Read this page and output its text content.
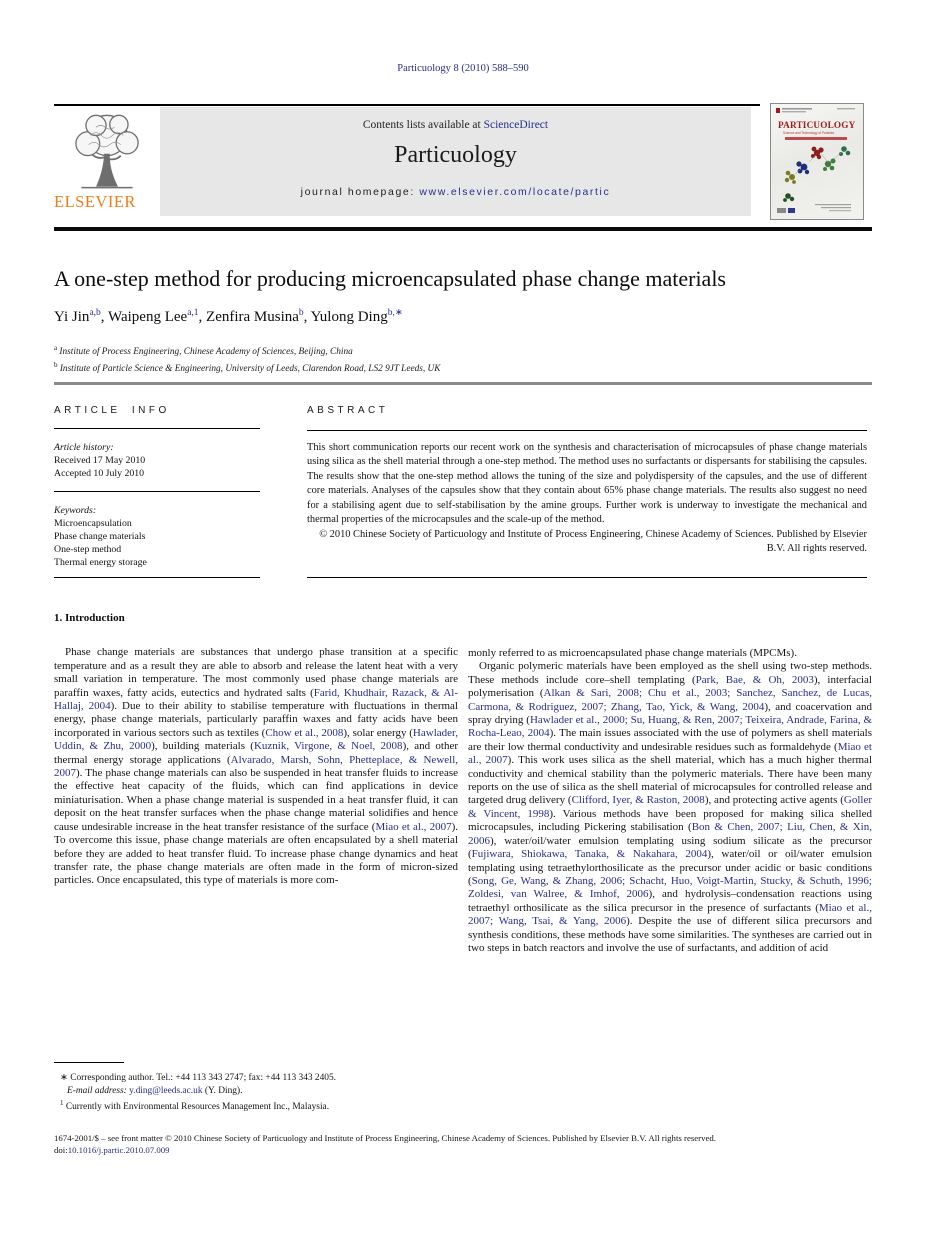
Particuology 8 (2010) 588–590
ELSEVIER
Contents lists available at ScienceDirect
Particuology
journal homepage: www.elsevier.com/locate/partic
PARTICUOLOGY
Science and Technology of Particles
A one-step method for producing microencapsulated phase change materials
Yi Jin$^{a,b}$, Waipeng Lee$^{a,1}$, Zenfira Musina$^b$, Yulong Ding$^{b,∗}$
$^a$ Institute of Process Engineering, Chinese Academy of Sciences, Beijing, China
$^b$ Institute of Particle Science & Engineering, University of Leeds, Clarendon Road, LS2 9JT Leeds, UK
ARTICLE INFO
Article history:
Received 17 May 2010
Accepted 10 July 2010
Keywords:
Microencapsulation
Phase change materials
One-step method
Thermal energy storage
ABSTRACT
This short communication reports our recent work on the synthesis and characterisation of microcapsules of phase change materials using silica as the shell material through a one-step method. The method uses no surfactants or dispersants for stabilising the capsules. The results show that the one-step method allows the tuning of the size and polydispersity of the capsules, and the use of different core materials. Analyses of the capsules show that they contain about 65% phase change materials. The results also suggest no need for a stabilising agent due to self-stabilisation by the amine groups. Further work is underway to investigate the mechanical and thermal properties of the microcapsules and the scale-up of the method.
© 2010 Chinese Society of Particuology and Institute of Process Engineering, Chinese Academy of Sciences. Published by Elsevier B.V. All rights reserved.
1. Introduction

Phase change materials are substances that undergo phase transition at a specific temperature and as a result they are able to absorb and release the latent heat with a very small variation in temperature. The most commonly used phase change materials are paraffin waxes, fatty acids, eutectics and hydrated salts (Farid, Khudhair, Razack, & Al-Hallaj, 2004). Due to their ability to stabilise temperature with fluctuations in thermal energy, phase change materials, particularly paraffin waxes and fatty acids have been incorporated in various sectors such as textiles (Chow et al., 2008), solar energy (Hawlader, Uddin, & Zhu, 2000), building materials (Kuznik, Virgone, & Noel, 2008), and other thermal energy storage applications (Alvarado, Marsh, Sohn, Phetteplace, & Newell, 2007). The phase change materials can also be suspended in heat transfer fluids to increase the effective heat capacity of the fluids, which can find applications in device miniaturisation. When a phase change material is suspended in a heat transfer fluid, it can deposit on the heat transfer surfaces when the phase change material solidifies and hence cause undesirable increase in the heat transfer resistance of the surface (Miao et al., 2007). To overcome this issue, phase change materials are often encapsulated by a shell material before they are added to heat transfer fluid. To increase phase change dynamics and heat transfer rate, the phase change materials are often made in the form of micron-sized particles. Once encapsulated, this type of materials is more com-

monly referred to as microencapsulated phase change materials (MPCMs).

Organic polymeric materials have been employed as the shell using two-step methods. These methods include core–shell templating (Park, Bae, & Oh, 2003), interfacial polymerisation (Alkan & Sari, 2008; Chu et al., 2003; Sanchez, Sanchez, de Lucas, Carmona, & Rodriguez, 2007; Zhang, Tao, Yick, & Wang, 2004), and coacervation and spray drying (Hawlader et al., 2000; Su, Huang, & Ren, 2007; Teixeira, Andrade, Farina, & Rocha-Leao, 2004). The main issues associated with the use of polymers as shell materials are their low thermal conductivity and undesirable residues such as formaldehyde (Miao et al., 2007). This work uses silica as the shell material, which has a much higher thermal conductivity and chemical stability than the polymeric materials. There have been many reports on the use of silica as the shell material of microcapsules for controlled release and targeted drug delivery (Clifford, Iyer, & Raston, 2008), and protecting active agents (Goller & Vincent, 1998). Various methods have been proposed for making silica shelled microcapsules, including Pickering stabilisation (Bon & Chen, 2007; Liu, Chen, & Xin, 2006), water/oil/water emulsion templating using sodium silicate as the precursor (Fujiwara, Shiokawa, Tanaka, & Nakahara, 2004), water/oil or oil/water emulsion templating using tetraethylorthosilicate as the precursor under acidic or basic conditions (Song, Ge, Wang, & Zhang, 2006; Schacht, Huo, Voigt-Martin, Stucky, & Schuth, 1996; Zoldesi, van Walree, & Imhof, 2006), and hydrolysis–condensation reactions using tetraethyl orthosilicate as the silica precursor in the presence of surfactants (Miao et al., 2007; Wang, Tsai, & Yang, 2006). Despite the use of different silica precursors and synthesis conditions, these methods have some similarities. The syntheses are carried out in two steps in batch reactors and involve the use of surfactants, and addition of acid

∗ Corresponding author. Tel.: +44 113 343 2747; fax: +44 113 343 2405.
E-mail address: y.ding@leeds.ac.uk (Y. Ding).
$^1$ Currently with Environmental Resources Management Inc., Malaysia.
1674-2001/$ – see front matter © 2010 Chinese Society of Particuology and Institute of Process Engineering, Chinese Academy of Sciences. Published by Elsevier B.V. All rights reserved.
doi:10.1016/j.partic.2010.07.009
